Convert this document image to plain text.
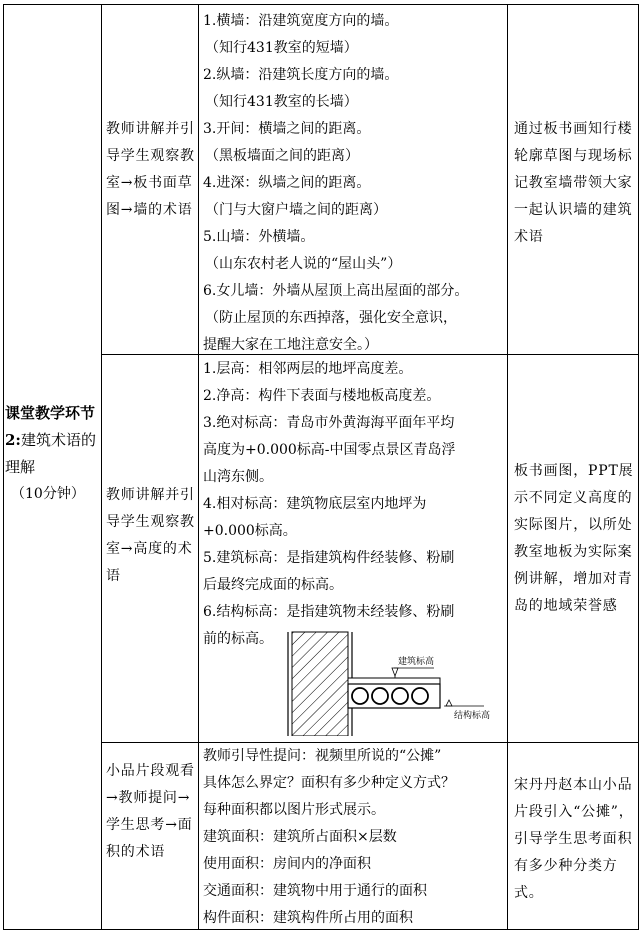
课堂教学环节2:建筑术语的理解
（10分钟）
教师讲解并引导学生观察教室→板书面草图→墙的术语
1.横墙：沿建筑宽度方向的墙。
（知行431教室的短墙）
2.纵墙：沿建筑长度方向的墙。
（知行431教室的长墙）
3.开间：横墙之间的距离。
（黑板墙面之间的距离）
4.进深：纵墙之间的距离。
（门与大窗户墙之间的距离）
5.山墙：外横墙。
（山东农村老人说的“屋山头”）
6.女儿墙：外墙从屋顶上高出屋面的部分。
（防止屋顶的东西掉落，强化安全意识，
提醒大家在工地注意安全。）
通过板书画知行楼轮廓草图与现场标记教室墙带领大家一起认识墙的建筑术语
教师讲解并引导学生观察教室→高度的术语
1.层高：相邻两层的地坪高度差。
2.净高：构件下表面与楼地板高度差。
3.绝对标高：青岛市外黄海海平面年平均
高度为+0.000标高-中国零点景区青岛浮
山湾东侧。
4.相对标高：建筑物底层室内地坪为
+0.000标高。
5.建筑标高：是指建筑构件经装修、粉刷
后最终完成面的标高。
6.结构标高：是指建筑物未经装修、粉刷
前的标高。
建筑标高
结构标高
板书画图，PPT展示不同定义高度的实际图片，以所处教室地板为实际案例讲解，增加对青岛的地域荣誉感
小品片段观看→教师提问→学生思考→面积的术语
教师引导性提问：视频里所说的“公摊”
具体怎么界定？面积有多少种定义方式？
每种面积都以图片形式展示。
建筑面积：建筑所占面积×层数
使用面积：房间内的净面积
交通面积：建筑物中用于通行的面积
构件面积：建筑构件所占用的面积
宋丹丹赵本山小品片段引入“公摊”，引导学生思考面积有多少种分类方式。
